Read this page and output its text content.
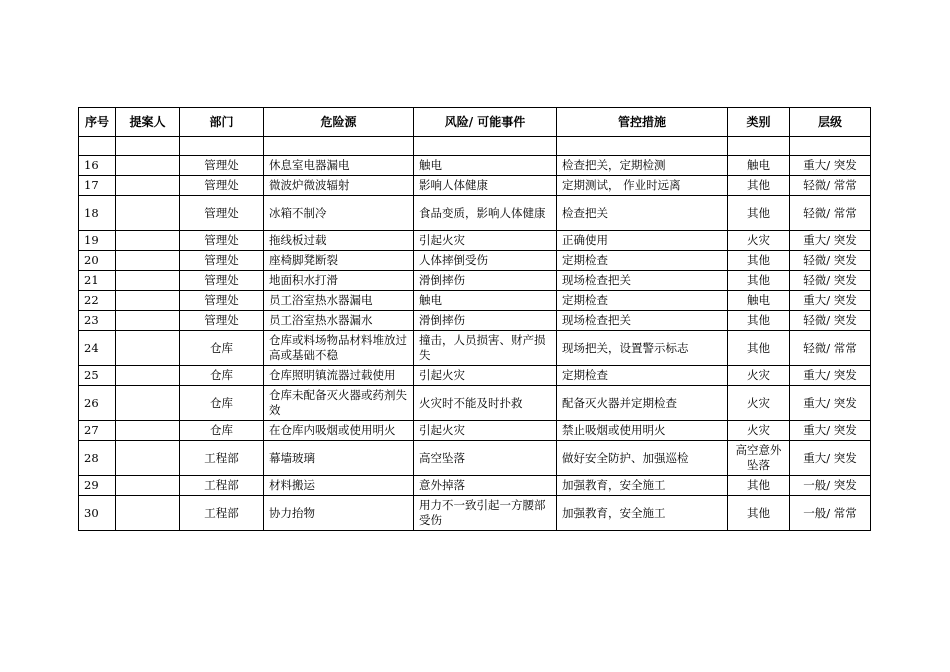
序号	提案人	部门	危险源	风险/ 可能事件	管控措施	类别	层级

16		管理处	休息室电器漏电	触电	检查把关，定期检测	触电	重大/ 突发
17		管理处	微波炉微波辐射	影响人体健康	定期测试， 作业时远离	其他	轻微/ 常常
18		管理处	冰箱不制冷	食品变质，影响人体健康	检查把关	其他	轻微/ 常常
19		管理处	拖线板过载	引起火灾	正确使用	火灾	重大/ 突发
20		管理处	座椅脚凳断裂	人体摔倒受伤	定期检查	其他	轻微/ 突发
21		管理处	地面积水打滑	滑倒摔伤	现场检查把关	其他	轻微/ 突发
22		管理处	员工浴室热水器漏电	触电	定期检查	触电	重大/ 突发
23		管理处	员工浴室热水器漏水	滑倒摔伤	现场检查把关	其他	轻微/ 突发
24		仓库	仓库或料场物品材料堆放过高或基础不稳	撞击，人员损害、财产损失	现场把关，设置警示标志	其他	轻微/ 常常
25		仓库	仓库照明镇流器过载使用	引起火灾	定期检查	火灾	重大/ 突发
26		仓库	仓库未配备灭火器或药剂失效	火灾时不能及时扑救	配备灭火器并定期检查	火灾	重大/ 突发
27		仓库	在仓库内吸烟或使用明火	引起火灾	禁止吸烟或使用明火	火灾	重大/ 突发
28		工程部	幕墙玻璃	高空坠落	做好安全防护、加强巡检	高空意外坠落	重大/ 突发
29		工程部	材料搬运	意外掉落	加强教育，安全施工	其他	一般/ 突发
30		工程部	协力抬物	用力不一致引起一方腰部受伤	加强教育，安全施工	其他	一般/ 常常
